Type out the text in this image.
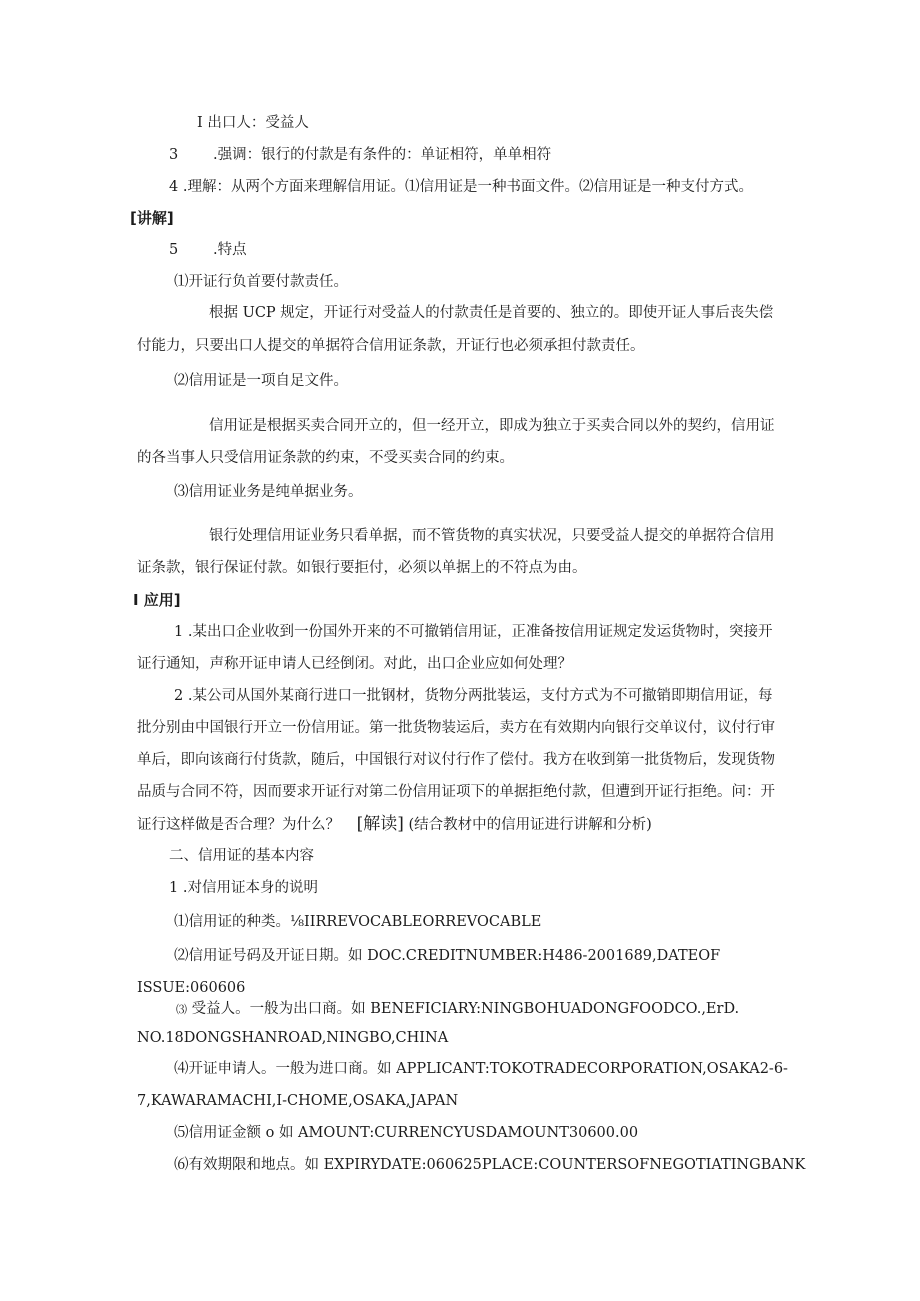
I 出口人：受益人
3 .强调：银行的付款是有条件的：单证相符，单单相符
4 .理解：从两个方面来理解信用证。⑴信用证是一种书面文件。⑵信用证是一种支付方式。
[讲解]
5 .特点
⑴开证行负首要付款责任。
根据 UCP 规定，开证行对受益人的付款责任是首要的、独立的。即使开证人事后丧失偿
付能力，只要出口人提交的单据符合信用证条款，开证行也必须承担付款责任。
⑵信用证是一项自足文件。
信用证是根据买卖合同开立的，但一经开立，即成为独立于买卖合同以外的契约，信用证
的各当事人只受信用证条款的约束，不受买卖合同的约束。
⑶信用证业务是纯单据业务。
银行处理信用证业务只看单据，而不管货物的真实状况，只要受益人提交的单据符合信用
证条款，银行保证付款。如银行要拒付，必须以单据上的不符点为由。
I 应用]
1 .某出口企业收到一份国外开来的不可撤销信用证，正准备按信用证规定发运货物时，突接开
证行通知，声称开证申请人已经倒闭。对此，出口企业应如何处理？
2 .某公司从国外某商行进口一批钢材，货物分两批装运，支付方式为不可撤销即期信用证，每
批分别由中国银行开立一份信用证。第一批货物装运后，卖方在有效期内向银行交单议付，议付行审
单后，即向该商行付货款，随后，中国银行对议付行作了偿付。我方在收到第一批货物后，发现货物
品质与合同不符，因而要求开证行对第二份信用证项下的单据拒绝付款，但遭到开证行拒绝。问：开
证行这样做是否合理？为什么？ [解读] (结合教材中的信用证进行讲解和分析)
二、信用证的基本内容
1 .对信用证本身的说明
⑴信用证的种类。⅛IIRREVOCABLEORREVOCABLE
⑵信用证号码及开证日期。如 DOC.CREDITNUMBER:H486-2001689,DATEOF
ISSUE:060606
⑶ 受益人。一般为出口商。如 BENEFICIARY:NINGBOHUADONGFOODCO.,ErD.
NO.18DONGSHANROAD,NINGBO,CHINA
⑷开证申请人。一般为进口商。如 APPLICANT:TOKOTRADECORPORATION,OSAKA2-6-
7,KAWARAMACHI,I-CHOME,OSAKA,JAPAN
⑸信用证金额 o 如 AMOUNT:CURRENCYUSDAMOUNT30600.00
⑹有效期限和地点。如 EXPIRYDATE:060625PLACE:COUNTERSOFNEGOTIATINGBANK
